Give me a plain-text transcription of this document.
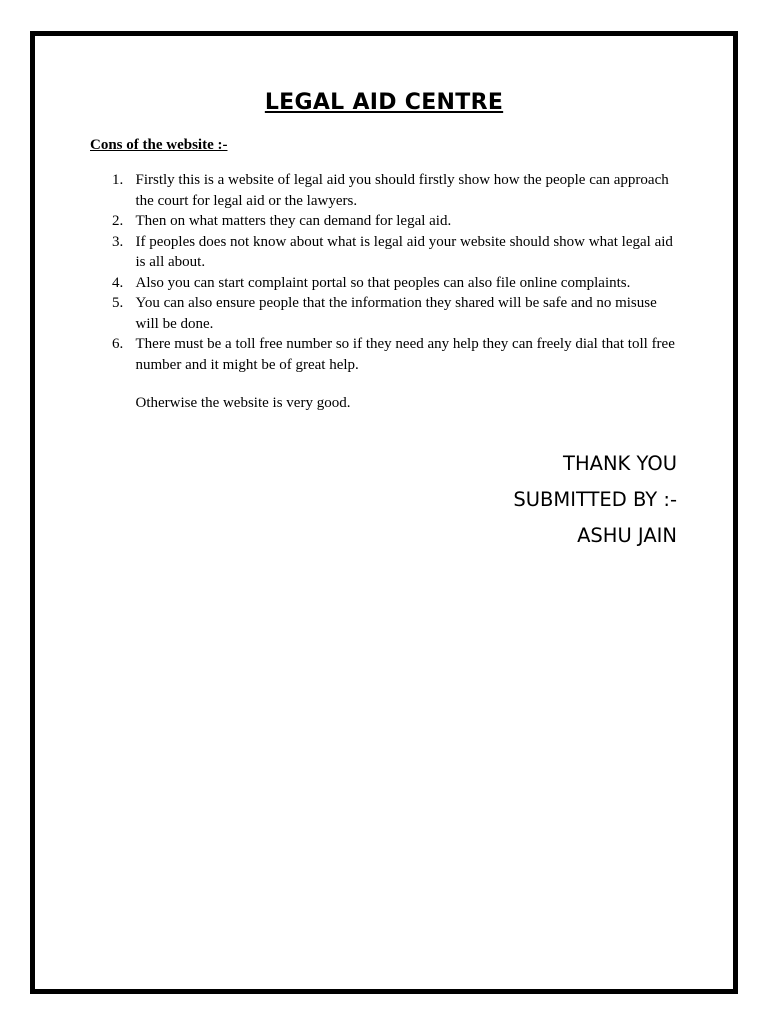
LEGAL AID CENTRE
Cons of the website :-
1. Firstly this is a website of legal aid you should firstly show how the people can approach the court for legal aid or the lawyers.
2. Then on what matters they can demand for legal aid.
3. If peoples does not know about what is legal aid your website should show what legal aid is all about.
4. Also you can start complaint portal so that peoples can also file online complaints.
5. You can also ensure people that the information they shared will be safe and no misuse will be done.
6. There must be a toll free number so if they need any help they can freely dial that toll free number and it might be of great help.
Otherwise the website is very good.
THANK YOU
SUBMITTED BY :-
ASHU JAIN
